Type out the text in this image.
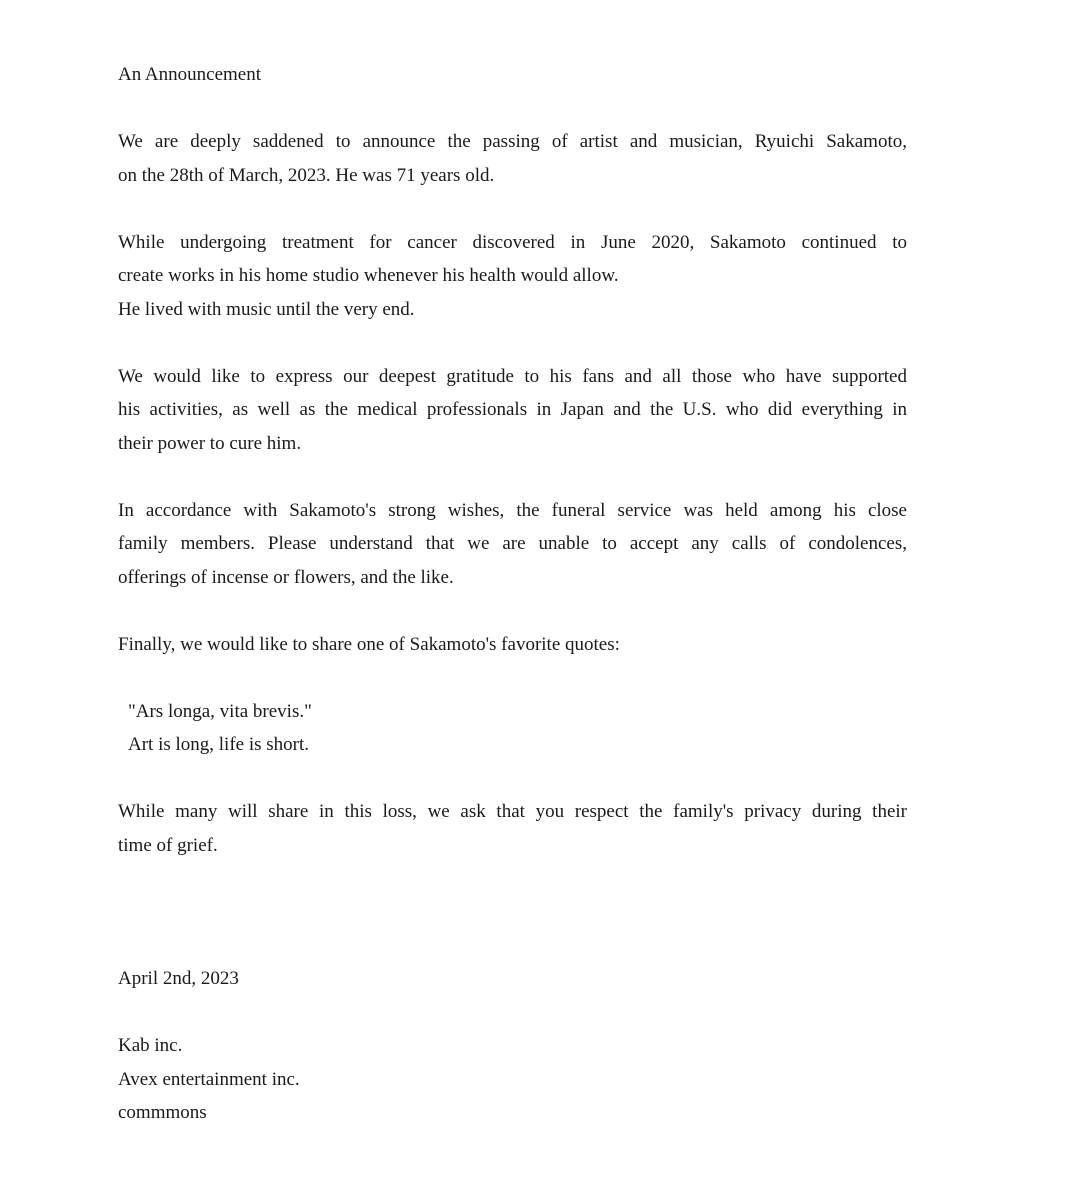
An Announcement
We are deeply saddened to announce the passing of artist and musician, Ryuichi Sakamoto,
on the 28th of March, 2023. He was 71 years old.
While undergoing treatment for cancer discovered in June 2020, Sakamoto continued to
create works in his home studio whenever his health would allow.
He lived with music until the very end.
We would like to express our deepest gratitude to his fans and all those who have supported
his activities, as well as the medical professionals in Japan and the U.S. who did everything in
their power to cure him.
In accordance with Sakamoto's strong wishes, the funeral service was held among his close
family members. Please understand that we are unable to accept any calls of condolences,
offerings of incense or flowers, and the like.
Finally, we would like to share one of Sakamoto's favorite quotes:
"Ars longa, vita brevis."
Art is long, life is short.
While many will share in this loss, we ask that you respect the family's privacy during their
time of grief.
April 2nd, 2023
Kab inc.
Avex entertainment inc.
commmons
